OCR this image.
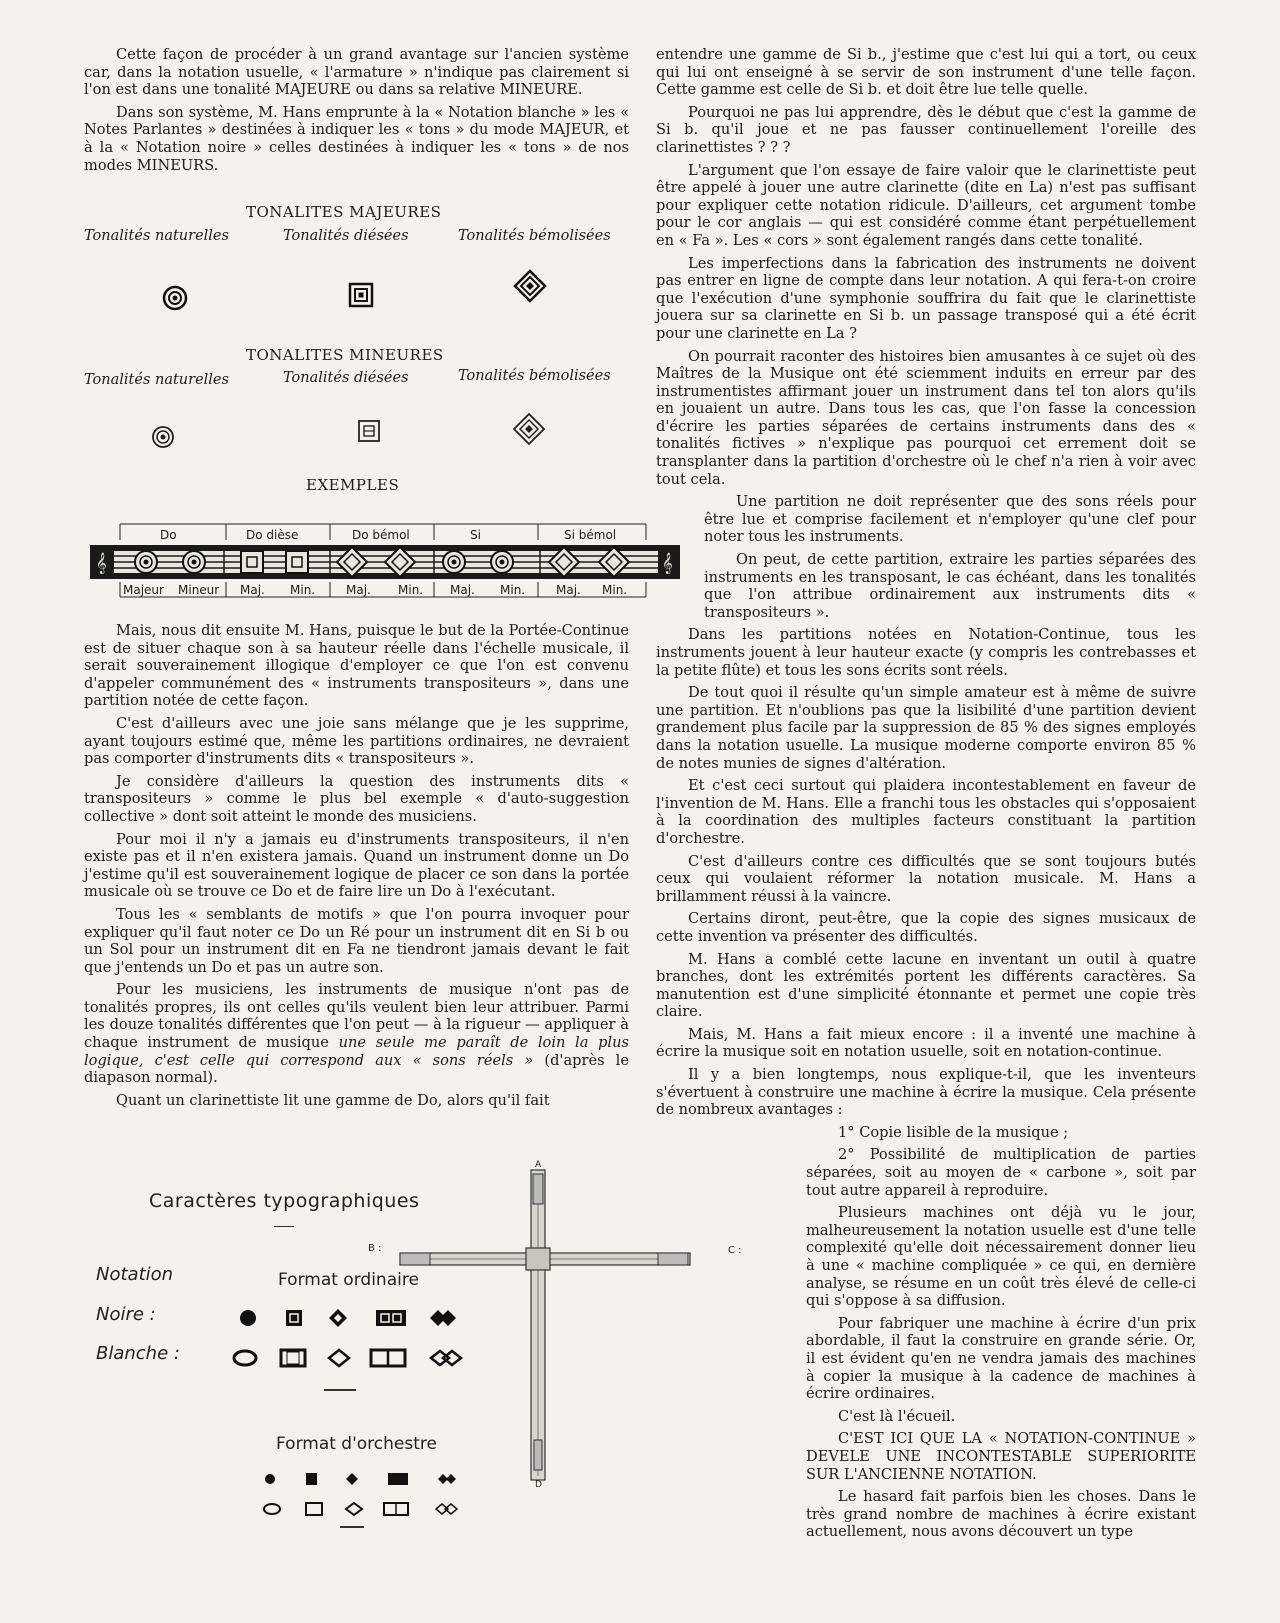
Cette façon de procéder à un grand avantage sur l'ancien système car, dans la notation usuelle, « l'armature » n'indique pas clairement si l'on est dans une tonalité MAJEURE ou dans sa relative MINEURE.

Dans son système, M. Hans emprunte à la « Notation blanche » les « Notes Parlantes » destinées à indiquer les « tons » du mode MAJEUR, et à la « Notation noire » celles destinées à indiquer les « tons » de nos modes MINEURS.

TONALITES MAJEURES
Tonalités naturelles	Tonalités diésées	Tonalités bémolisées
TONALITES MINEURES
Tonalités naturelles	Tonalités diésées	Tonalités bémolisées
EXEMPLES
Do	Do dièse	Do bémol	Si	Si bémol
𝄞	𝄞
Majeur Mineur Maj. Min.	Maj. Min. Maj. Min.	Maj. Min.

Mais, nous dit ensuite M. Hans, puisque le but de la Portée-Continue est de situer chaque son à sa hauteur réelle dans l'échelle musicale, il serait souverainement illogique d'employer ce que l'on est convenu d'appeler communément des « instruments transpositeurs », dans une partition notée de cette façon.

C'est d'ailleurs avec une joie sans mélange que je les supprime, ayant toujours estimé que, même les partitions ordinaires, ne devraient pas comporter d'instruments dits « transpositeurs ».

Je considère d'ailleurs la question des instruments dits « transpositeurs » comme le plus bel exemple « d'auto-suggestion collective » dont soit atteint le monde des musiciens.

Pour moi il n'y a jamais eu d'instruments transpositeurs, il n'en existe pas et il n'en existera jamais. Quand un instrument donne un Do j'estime qu'il est souverainement logique de placer ce son dans la portée musicale où se trouve ce Do et de faire lire un Do à l'exécutant.

Tous les « semblants de motifs » que l'on pourra invoquer pour expliquer qu'il faut noter ce Do un Ré pour un instrument dit en Si b ou un Sol pour un instrument dit en Fa ne tiendront jamais devant le fait que j'entends un Do et pas un autre son.

Pour les musiciens, les instruments de musique n'ont pas de tonalités propres, ils ont celles qu'ils veulent bien leur attribuer. Parmi les douze tonalités différentes que l'on peut — à la rigueur — appliquer à chaque instrument de musique une seule me paraît de loin la plus logique, c'est celle qui correspond aux « sons réels » (d'après le diapason normal).

Quant un clarinettiste lit une gamme de Do, alors qu'il fait

Caractères typographiques
Notation	Format ordinaire
Noire :
Blanche :
Format d'orchestre
A
B :	C :
D

entendre une gamme de Si b., j'estime que c'est lui qui a tort, ou ceux qui lui ont enseigné à se servir de son instrument d'une telle façon. Cette gamme est celle de Si b. et doit être lue telle quelle.

Pourquoi ne pas lui apprendre, dès le début que c'est la gamme de Si b. qu'il joue et ne pas fausser continuellement l'oreille des clarinettistes ? ? ?

L'argument que l'on essaye de faire valoir que le clarinettiste peut être appelé à jouer une autre clarinette (dite en La) n'est pas suffisant pour expliquer cette notation ridicule. D'ailleurs, cet argument tombe pour le cor anglais — qui est considéré comme étant perpétuellement en « Fa ». Les « cors » sont également rangés dans cette tonalité.

Les imperfections dans la fabrication des instruments ne doivent pas entrer en ligne de compte dans leur notation. A qui fera-t-on croire que l'exécution d'une symphonie souffrira du fait que le clarinettiste jouera sur sa clarinette en Si b. un passage transposé qui a été écrit pour une clarinette en La ?

On pourrait raconter des histoires bien amusantes à ce sujet où des Maîtres de la Musique ont été sciemment induits en erreur par des instrumentistes affirmant jouer un instrument dans tel ton alors qu'ils en jouaient un autre. Dans tous les cas, que l'on fasse la concession d'écrire les parties séparées de certains instruments dans des « tonalités fictives » n'explique pas pourquoi cet errement doit se transplanter dans la partition d'orchestre où le chef n'a rien à voir avec tout cela.

Une partition ne doit représenter que des sons réels pour être lue et comprise facilement et n'employer qu'une clef pour noter tous les instruments.

On peut, de cette partition, extraire les parties séparées des instruments en les transposant, le cas échéant, dans les tonalités que l'on attribue ordinairement aux instruments dits « transpositeurs ».

Dans les partitions notées en Notation-Continue, tous les instruments jouent à leur hauteur exacte (y compris les contrebasses et la petite flûte) et tous les sons écrits sont réels.

De tout quoi il résulte qu'un simple amateur est à même de suivre une partition. Et n'oublions pas que la lisibilité d'une partition devient grandement plus facile par la suppression de 85 % des signes employés dans la notation usuelle. La musique moderne comporte environ 85 % de notes munies de signes d'altération.

Et c'est ceci surtout qui plaidera incontestablement en faveur de l'invention de M. Hans. Elle a franchi tous les obstacles qui s'opposaient à la coordination des multiples facteurs constituant la partition d'orchestre.

C'est d'ailleurs contre ces difficultés que se sont toujours butés ceux qui voulaient réformer la notation musicale. M. Hans a brillamment réussi à la vaincre.

Certains diront, peut-être, que la copie des signes musicaux de cette invention va présenter des difficultés.

M. Hans a comblé cette lacune en inventant un outil à quatre branches, dont les extrémités portent les différents caractères. Sa manutention est d'une simplicité étonnante et permet une copie très claire.

Mais, M. Hans a fait mieux encore : il a inventé une machine à écrire la musique soit en notation usuelle, soit en notation-continue.

Il y a bien longtemps, nous explique-t-il, que les inventeurs s'évertuent à construire une machine à écrire la musique. Cela présente de nombreux avantages :

1° Copie lisible de la musique ;

2° Possibilité de multiplication de parties séparées, soit au moyen de « carbone », soit par tout autre appareil à reproduire.

Plusieurs machines ont déjà vu le jour, malheureusement la notation usuelle est d'une telle complexité qu'elle doit nécessairement donner lieu à une « machine compliquée » ce qui, en dernière analyse, se résume en un coût très élevé de celle-ci qui s'oppose à sa diffusion.

Pour fabriquer une machine à écrire d'un prix abordable, il faut la construire en grande série. Or, il est évident qu'en ne vendra jamais des machines à copier la musique à la cadence de machines à écrire ordinaires.

C'est là l'écueil.

C'EST ICI QUE LA « NOTATION-CONTINUE » DEVELE UNE INCONTESTABLE SUPERIORITE SUR L'ANCIENNE NOTATION.

Le hasard fait parfois bien les choses. Dans le très grand nombre de machines à écrire existant actuellement, nous avons découvert un type
